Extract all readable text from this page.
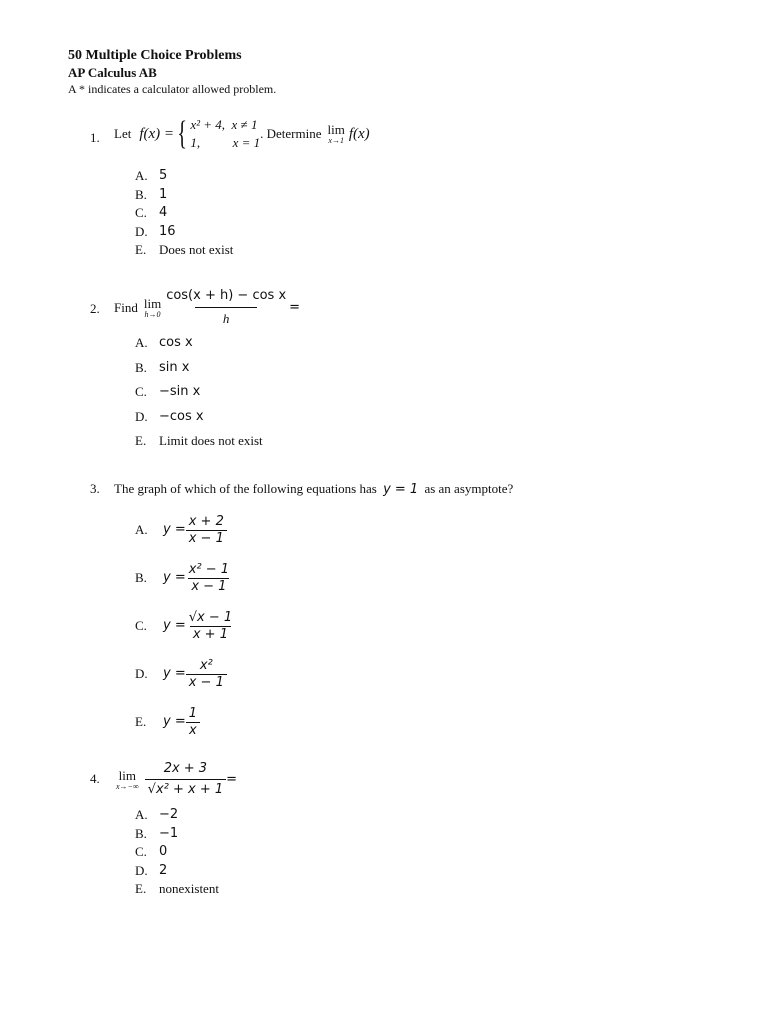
50 Multiple Choice Problems
AP Calculus AB
A * indicates a calculator allowed problem.
1. Let f(x) = { x² + 4,  x ≠ 1
1,          x = 1
. Determine lim
x→1 f(x)
A. 5
B. 1
C. 4
D. 16
E. Does not exist
2. Find lim
$h\to 0 \frac{\text{cos(x + h) − cos x}}{h}$ =
A. cos x
B. sin x
C. −sin x
D. −cos x
E. Limit does not exist
3. The graph of which of the following equations has y = 1 as an asymptote?
A.	$y = \frac{x + 2}{x - 1}$
B.	$y = \frac{\text{x² − 1}}{x - 1}$
C.	$y = \frac{√x - 1}{x + 1}$
D.	$y = \frac{\text{x²}}{x - 1}$
E.	$y = \frac{1}{x}$
4. lim
$x\to-\infty \frac{2x + 3}{\text{√x² + x + 1}}$ =
A. −2
B. −1
C. 0
D. 2
E. nonexistent
